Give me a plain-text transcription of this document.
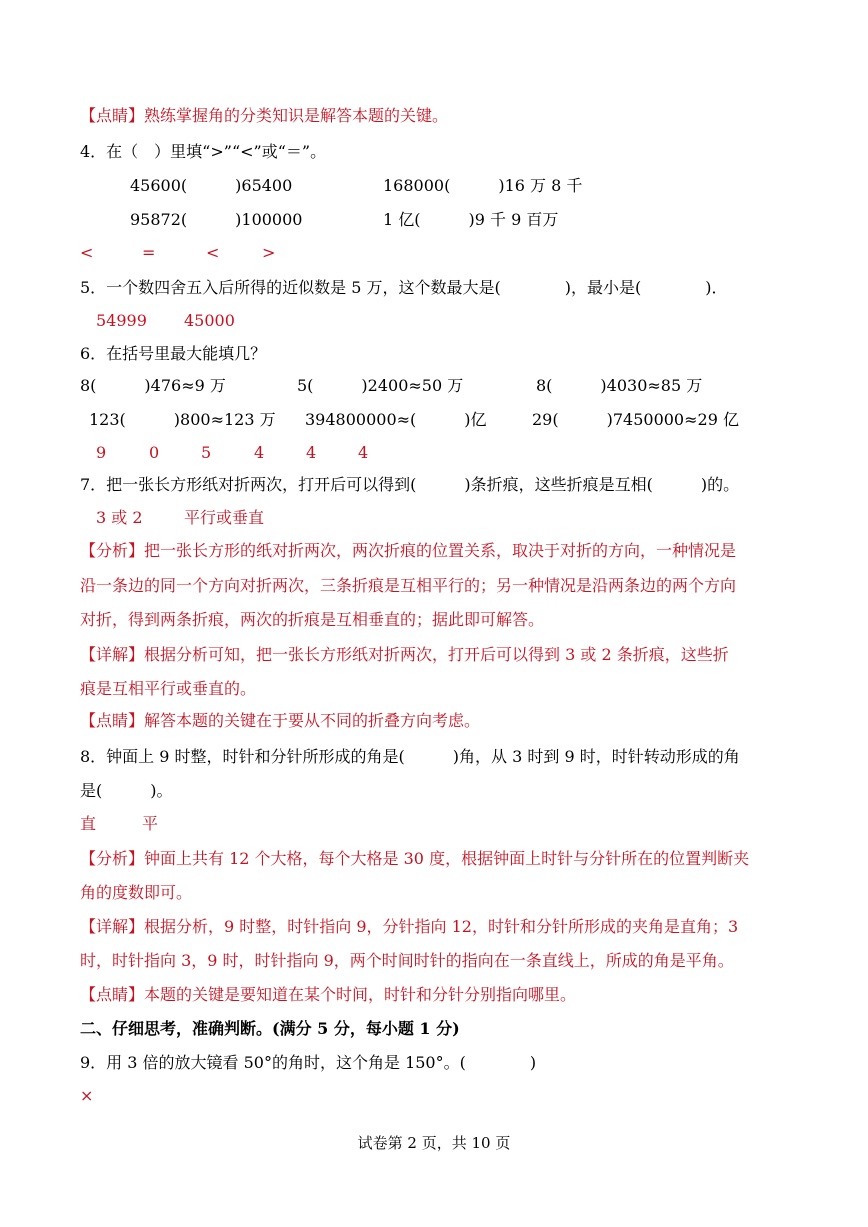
【点睛】熟练掌握角的分类知识是解答本题的关键。
4．在（　）里填“>”“<”或“＝”。
45600(　　　)65400	168000(　　　)16 万 8 千
95872(　　　)100000	1 亿(　　　)9 千 9 百万
<	=	<	>
5．一个数四舍五入后所得的近似数是 5 万，这个数最大是(　　　　)，最小是(　　　　)．
54999 45000
6．在括号里最大能填几？
8(　　　)476≈9 万	5(　　　)2400≈50 万	8(　　　)4030≈85 万
123(　　　)800≈123 万 394800000≈(　　　)亿	29(　　　)7450000≈29 亿
9	0	5	4	4	4
7．把一张长方形纸对折两次，打开后可以得到(　　　)条折痕，这些折痕是互相(　　　)的。
3 或 2	平行或垂直
【分析】把一张长方形的纸对折两次，两次折痕的位置关系，取决于对折的方向，一种情况是
沿一条边的同一个方向对折两次，三条折痕是互相平行的；另一种情况是沿两条边的两个方向
对折，得到两条折痕，两次的折痕是互相垂直的；据此即可解答。
【详解】根据分析可知，把一张长方形纸对折两次，打开后可以得到 3 或 2 条折痕，这些折
痕是互相平行或垂直的。
【点睛】解答本题的关键在于要从不同的折叠方向考虑。
8．钟面上 9 时整，时针和分针所形成的角是(　　　)角，从 3 时到 9 时，时针转动形成的角
是(　　　)。
直	平
【分析】钟面上共有 12 个大格，每个大格是 30 度，根据钟面上时针与分针所在的位置判断夹
角的度数即可。
【详解】根据分析，9 时整，时针指向 9，分针指向 12，时针和分针所形成的夹角是直角；3
时，时针指向 3，9 时，时针指向 9，两个时间时针的指向在一条直线上，所成的角是平角。
【点睛】本题的关键是要知道在某个时间，时针和分针分别指向哪里。
二、仔细思考，准确判断。(满分 5 分，每小题 1 分)
9．用 3 倍的放大镜看 50°的角时，这个角是 150°。(　　　　)
×
试卷第 2 页，共 10 页
